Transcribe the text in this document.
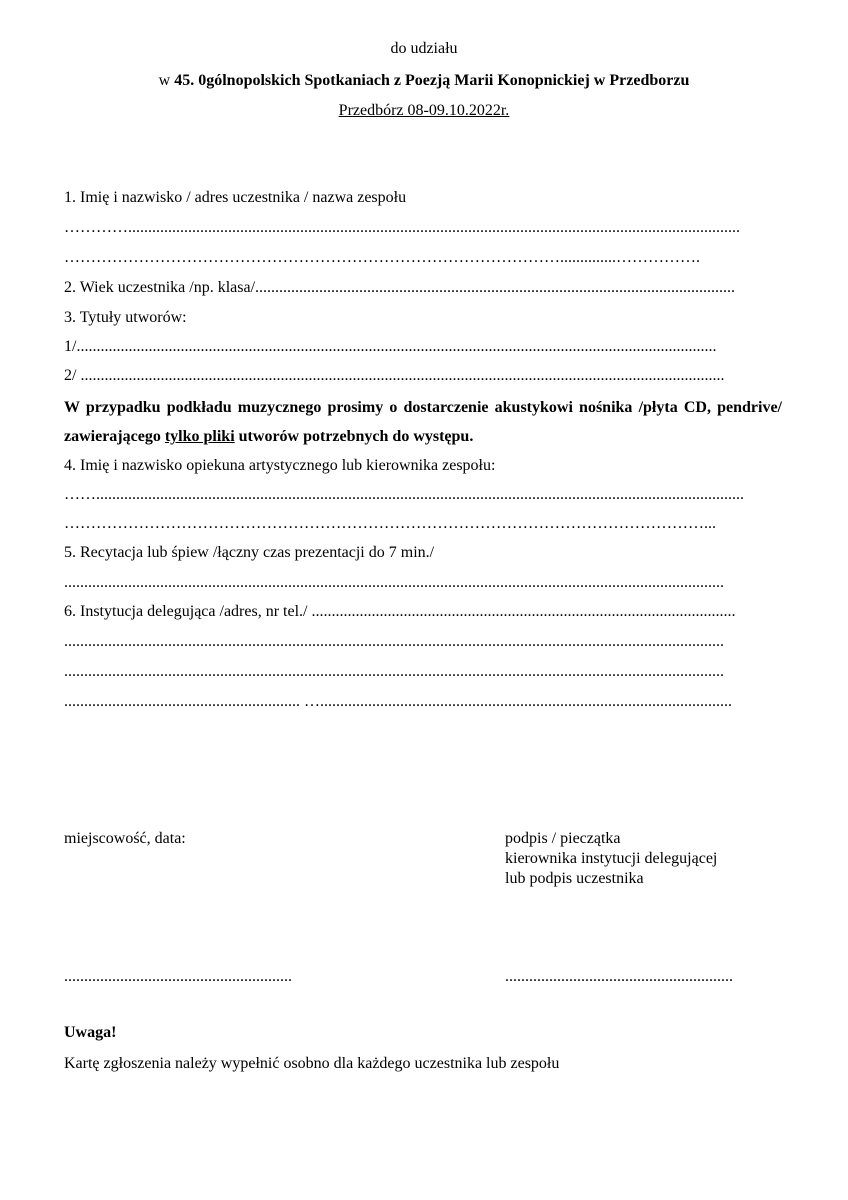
do udziału
w 45. 0gólnopolskich Spotkaniach z Poezją Marii Konopnickiej w Przedborzu
Przedbórz 08-09.10.2022r.
1. Imię i nazwisko / adres uczestnika / nazwa zespołu
………….........................................................................................................................................................
…………………………………………………………………………………..............…………….
2. Wiek uczestnika /np. klasa/........................................................................................................................
3. Tytuły utworów:
1/................................................................................................................................................................
2/ .................................................................................................................................................................
W przypadku podkładu muzycznego prosimy o dostarczenie akustykowi nośnika /płyta CD, pendrive/ zawierającego tylko pliki utworów potrzebnych do występu.
4. Imię i nazwisko opiekuna artystycznego lub kierownika zespołu:
……..................................................................................................................................................................
…………………………………………………………………………………………………………...
5. Recytacja lub śpiew /łączny czas prezentacji do 7 min./
.....................................................................................................................................................................
6. Instytucja delegująca /adres, nr tel./ ..........................................................................................................
.....................................................................................................................................................................
.....................................................................................................................................................................
........................................................... ….......................................................................................................
miejscowość, data:	podpis / pieczątka
kierownika instytucji delegującej
lub podpis uczestnika
.........................................................	.........................................................
Uwaga!
Kartę zgłoszenia należy wypełnić osobno dla każdego uczestnika lub zespołu
